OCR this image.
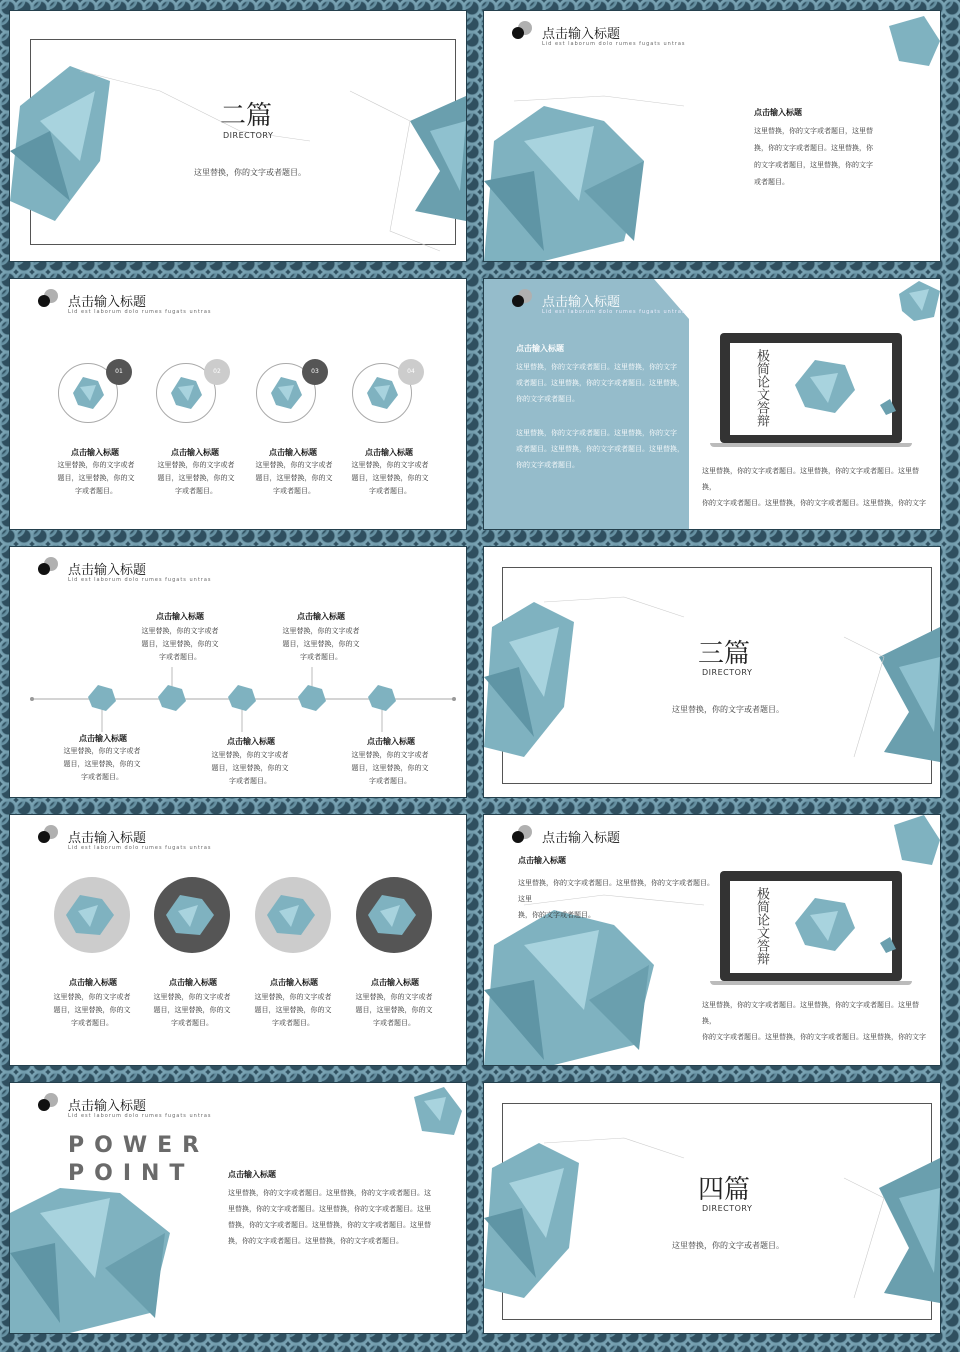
二篇
DIRECTORY
这里替换，你的文字或者题目。
点击输入标题
Lid est laborum dolo rumes fugats untras
点击输入标题
这里替换，你的文字或者题目，这里替
换，你的文字或者题目。这里替换，你
的文字或者题目，这里替换，你的文字
或者题目。
点击输入标题
Lid est laborum dolo rumes fugats untras
01
点击输入标题
这里替换，你的文字或者
题目，这里替换，你的文
字或者题目。
02
点击输入标题
这里替换，你的文字或者
题目，这里替换，你的文
字或者题目。
03
点击输入标题
这里替换，你的文字或者
题目，这里替换，你的文
字或者题目。
04
点击输入标题
这里替换，你的文字或者
题目，这里替换，你的文
字或者题目。
点击输入标题
Lid est laborum dolo rumes fugats untras
点击输入标题
这里替换，你的文字或者题目。这里替换，你的文字
或者题目。这里替换，你的文字或者题目。这里替换，
你的文字或者题目。
这里替换，你的文字或者题目。这里替换，你的文字
或者题目。这里替换，你的文字或者题目。这里替换，
你的文字或者题目。
极简论文答辩
这里替换，你的文字或者题目。这里替换，你的文字或者题目。这里替换，
你的文字或者题目。这里替换，你的文字或者题目。这里替换，你的文字
点击输入标题
Lid est laborum dolo rumes fugats untras
点击输入标题
这里替换，你的文字或者
题目，这里替换，你的文
字或者题目。
点击输入标题
这里替换，你的文字或者
题目，这里替换，你的文
字或者题目。
点击输入标题
这里替换，你的文字或者
题目，这里替换，你的文
字或者题目。
点击输入标题
这里替换，你的文字或者
题目，这里替换，你的文
字或者题目。
点击输入标题
这里替换，你的文字或者
题目，这里替换，你的文
字或者题目。
三篇
DIRECTORY
这里替换，你的文字或者题目。
点击输入标题
Lid est laborum dolo rumes fugats untras
点击输入标题
这里替换，你的文字或者
题目，这里替换，你的文
字或者题目。
点击输入标题
这里替换，你的文字或者
题目，这里替换，你的文
字或者题目。
点击输入标题
这里替换，你的文字或者
题目，这里替换，你的文
字或者题目。
点击输入标题
这里替换，你的文字或者
题目，这里替换，你的文
字或者题目。
点击输入标题
点击输入标题
这里替换，你的文字或者题目。这里替换，你的文字或者题目。这里
换，你的文字或者题目。	极简论文答辩
这里替换，你的文字或者题目。这里替换，你的文字或者题目。这里替换，
你的文字或者题目。这里替换，你的文字或者题目。这里替换，你的文字
点击输入标题
Lid est laborum dolo rumes fugats untras
POWER
POINT	点击输入标题
这里替换，你的文字或者题目。这里替换，你的文字或者题目。这
里替换，你的文字或者题目。这里替换，你的文字或者题目。这里
替换，你的文字或者题目。这里替换，你的文字或者题目。这里替
换，你的文字或者题目。这里替换，你的文字或者题目。
四篇
DIRECTORY
这里替换，你的文字或者题目。
